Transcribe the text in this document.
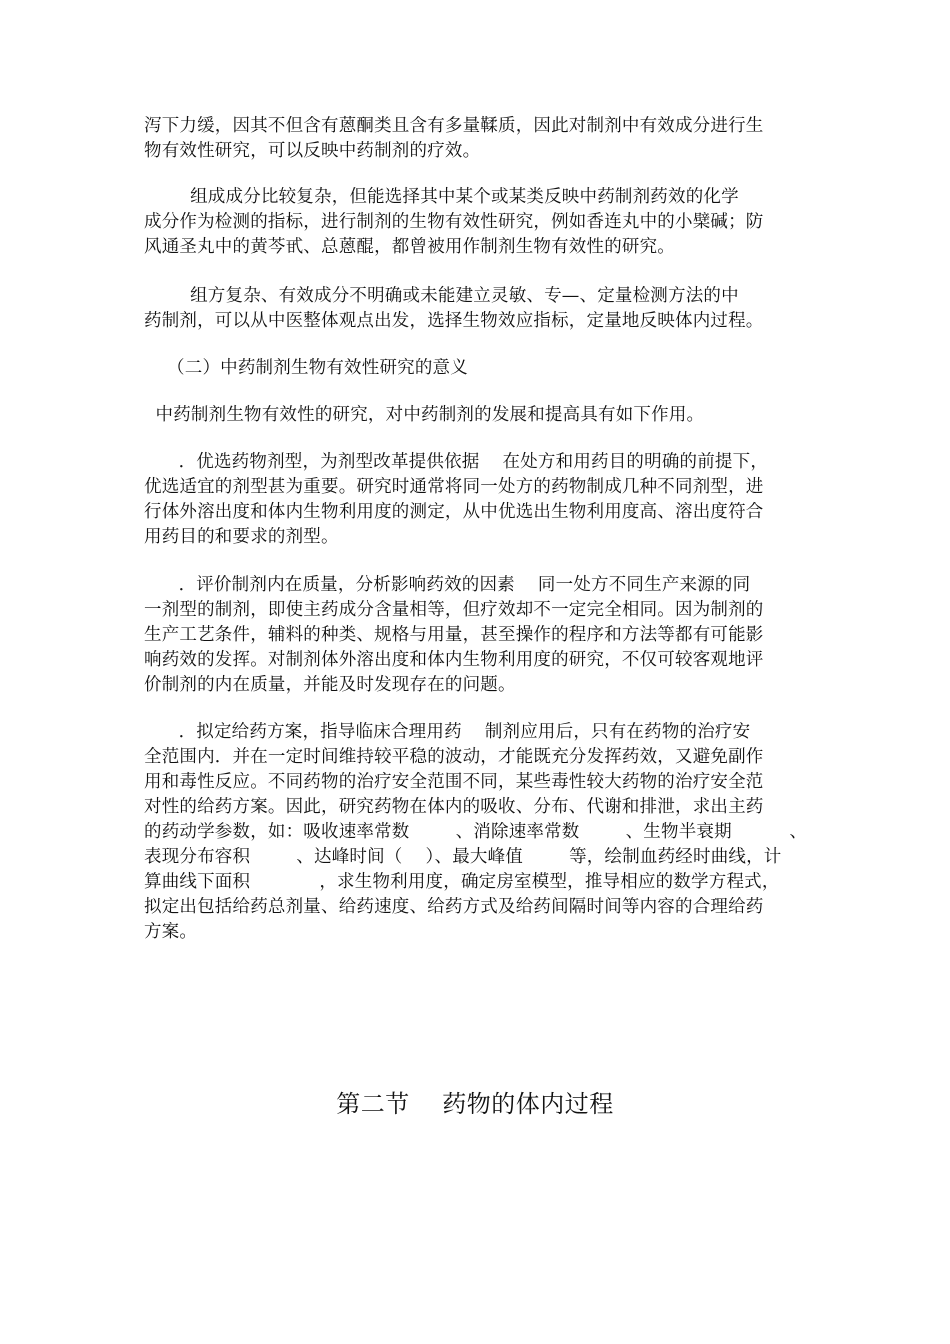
泻下力缓，因其不但含有蒽酮类且含有多量鞣质，因此对制剂中有效成分进行生
物有效性研究，可以反映中药制剂的疗效。
组成成分比较复杂，但能选择其中某个或某类反映中药制剂药效的化学
成分作为检测的指标，进行制剂的生物有效性研究，例如香连丸中的小檗碱；防
风通圣丸中的黄芩甙、总蒽醌，都曾被用作制剂生物有效性的研究。
组方复杂、有效成分不明确或未能建立灵敏、专—、定量检测方法的中
药制剂，可以从中医整体观点出发，选择生物效应指标，定量地反映体内过程。
（二）中药制剂生物有效性研究的意义
中药制剂生物有效性的研究，对中药制剂的发展和提高具有如下作用。
．优选药物剂型，为剂型改革提供依据    在处方和用药目的明确的前提下，
优选适宜的剂型甚为重要。研究时通常将同一处方的药物制成几种不同剂型，进
行体外溶出度和体内生物利用度的测定，从中优选出生物利用度高、溶出度符合
用药目的和要求的剂型。
．评价制剂内在质量，分析影响药效的因素    同一处方不同生产来源的同
一剂型的制剂，即使主药成分含量相等，但疗效却不一定完全相同。因为制剂的
生产工艺条件，辅料的种类、规格与用量，甚至操作的程序和方法等都有可能影
响药效的发挥。对制剂体外溶出度和体内生物利用度的研究，不仅可较客观地评
价制剂的内在质量，并能及时发现存在的问题。
．拟定给药方案，指导临床合理用药    制剂应用后，只有在药物的治疗安
全范围内．并在一定时间维持较平稳的波动，才能既充分发挥药效，又避免副作
用和毒性反应。不同药物的治疗安全范围不同，某些毒性较大药物的治疗安全范
对性的给药方案。因此，研究药物在体内的吸收、分布、代谢和排泄，求出主药
的药动学参数，如：吸收速率常数        、消除速率常数        、生物半衰期          、
表现分布容积        、达峰时间（    ）、最大峰值        等，绘制血药经时曲线，计
算曲线下面积            ，求生物利用度，确定房室模型，推导相应的数学方程式，
拟定出包括给药总剂量、给药速度、给药方式及给药间隔时间等内容的合理给药
方案。
第二节    药物的体内过程
